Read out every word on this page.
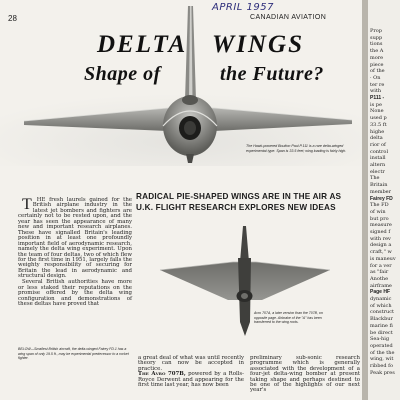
28
APRIL 1957
CANADIAN AVIATION
DELTA WINGS
Shape of	the Future?
The Hawk-powered Boulton Paul P.111 is a rare delta-winged experimental type. Span is 33.5 feet; wing loading is fairly high.
RADICAL PIE-SHAPED WINGS ARE IN THE AIR AS U.K. FLIGHT RESEARCH EXPLORES NEW IDEAS

THE fresh laurels gained for the British airplane industry in the latest jet bombers and fighters are certainly not to be rested upon, and the year has seen the appearance of many new and important research airplanes. These have signalled Britain's leading position in at least one profoundly important field of aerodynamic research, namely the delta wing experiment. Upon the team of four deltas, two of which flew for the first time in 1951, largely falls the weighty responsibility of securing for Britain the lead in aerodynamic and structural design.

Several British authorities have more or less staked their reputations on the promise offered by the delta wing configuration and demonstrations of these deltas have proved that

BELOW—Smallest British aircraft, the delta-winged Fairey FD.1 has a wing span of only 19.5 ft., may be experimental predecessor to a rocket fighter.
Avro 707A, a later version than the 707B, on opposite page. Airbrake of the "A" has been transferred to the wing roots.

a great deal of what was until recently theory can now be accepted in practice.

The Avro 707B, powered by a Rolls-Royce Derwent and appearing for the first time last year, has now been

preliminary sub-sonic research programme which is generally associated with the development of a four-jet delta-wing bomber at present taking shape and perhaps destined to be one of the highlights of our next year's

Prop
supp
tions
the A
more
piece
of the
· On
ter re
with
P111 -
is pe
None
used p
33.5 ft
highe
delta
rior of
control
install
altern
electr
The
Britain
member
Fairey FD
The FD
of win
but pro
measure
signed f
with rev
design a
craft," w
is maneuv
for a ver
as "fair
Anothe
airframe
Page HF
dynamic
of which
construct
Blackbur
marine fi
be direct
Sea-hig
operated
of the the
wing, wit
ribbed fo
Peak pres
